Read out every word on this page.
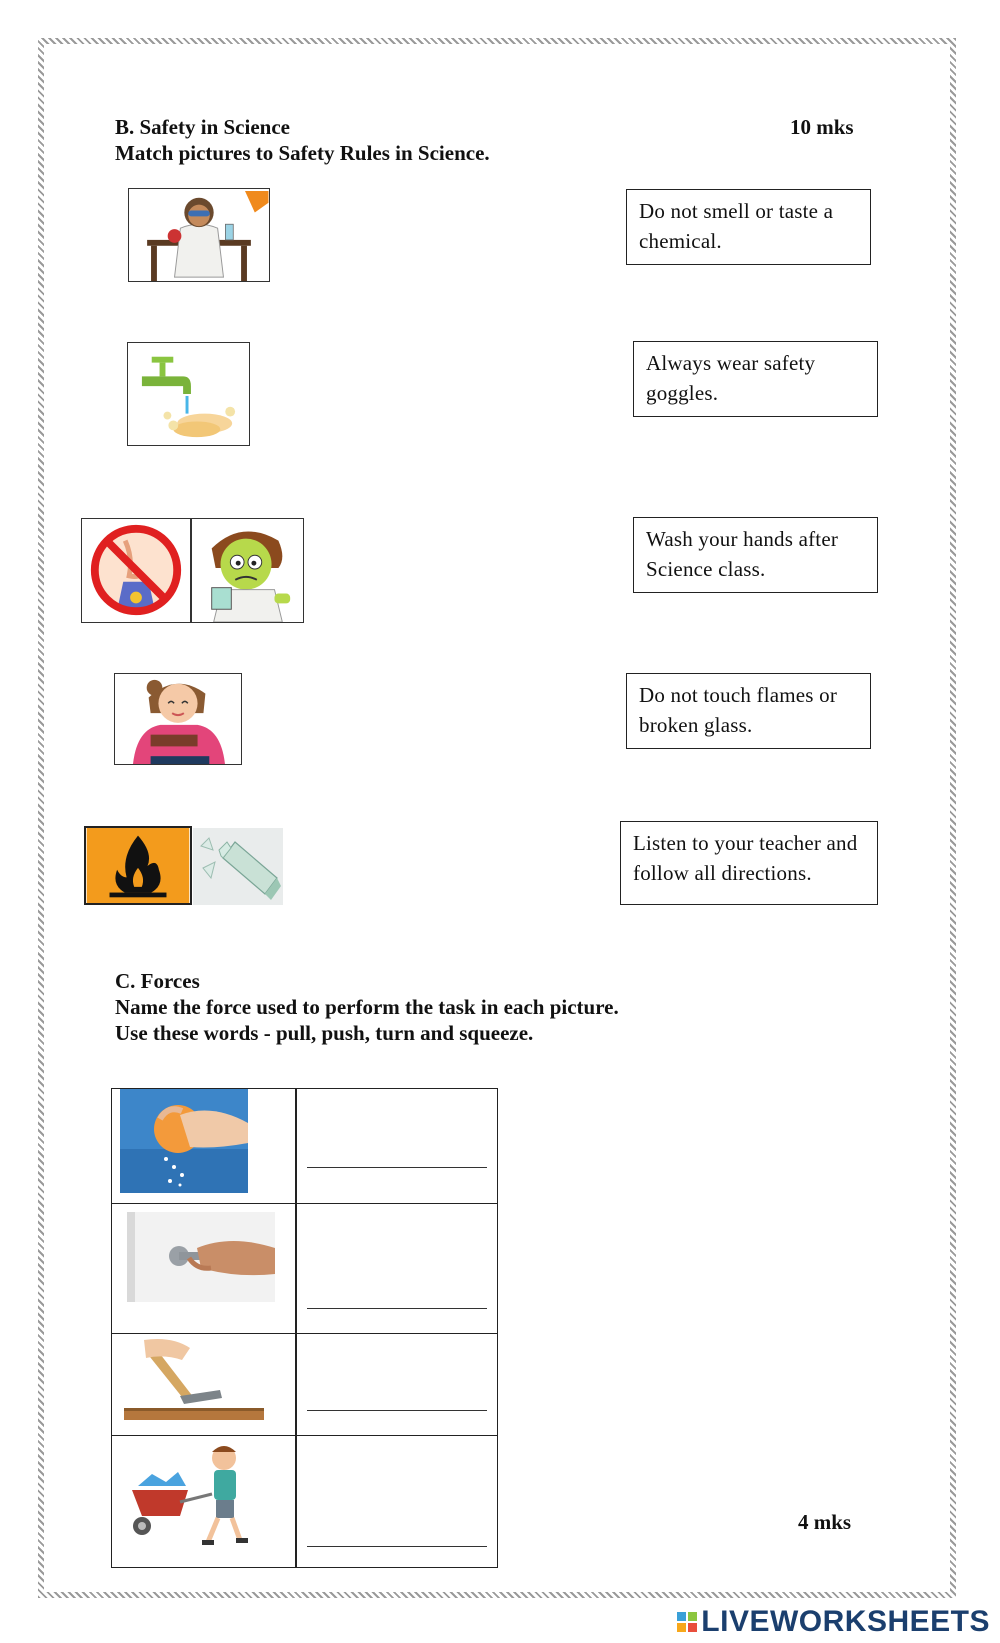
B. Safety in Science	10 mks
Match pictures to Safety Rules in Science.
Do not smell or taste a chemical.
Always wear safety goggles.
Wash your hands after Science class.
Do not touch flames or broken glass.
Listen to your teacher and follow all directions.
C. Forces
Name the force used to perform the task in each picture.
Use these words - pull, push, turn and squeeze.
4 mks
LIVEWORKSHEETS
